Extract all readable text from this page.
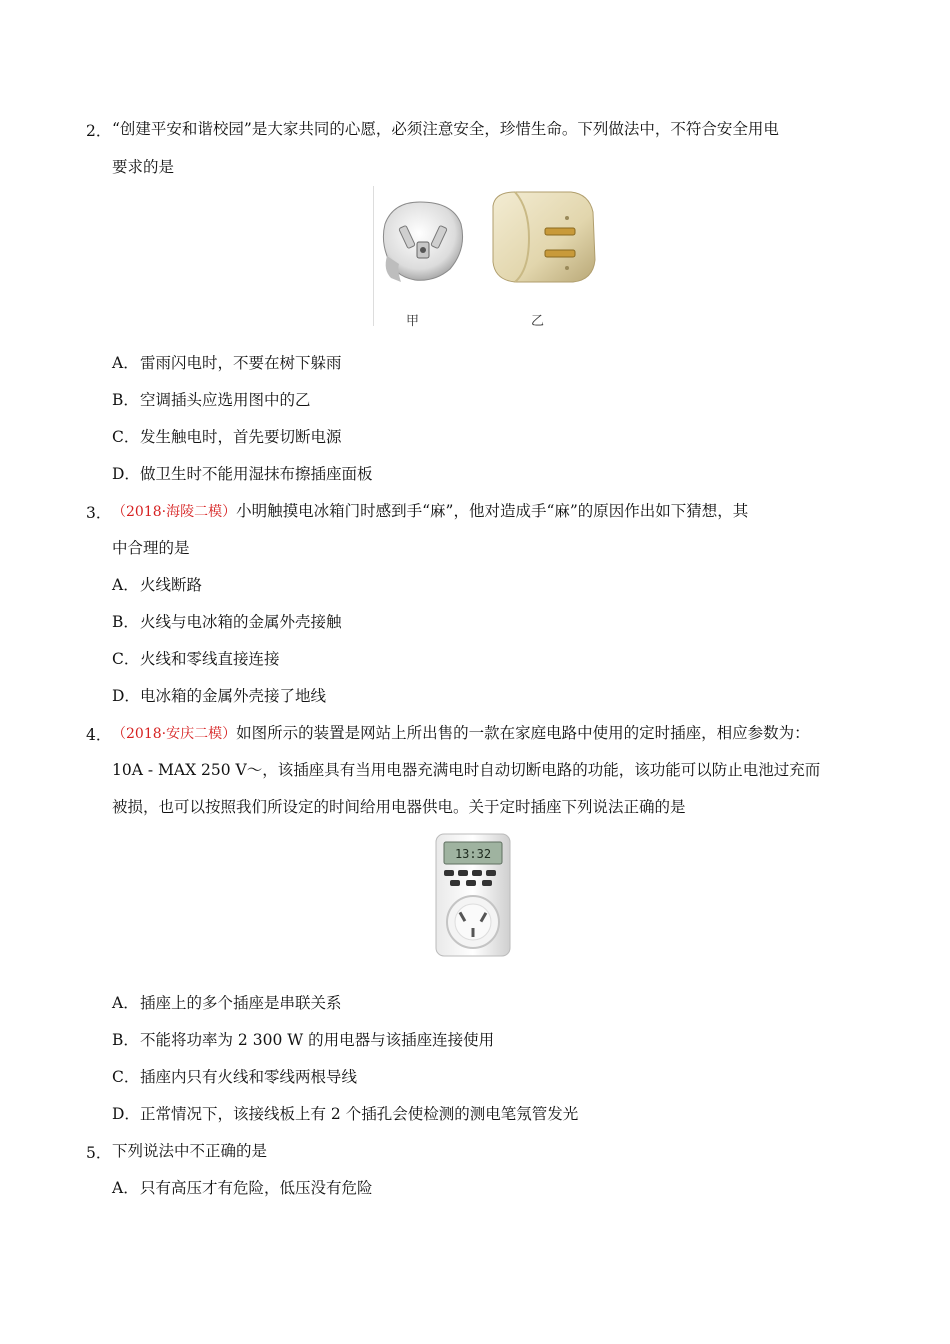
2． “创建平安和谐校园”是大家共同的心愿，必须注意安全，珍惜生命。下列做法中，不符合安全用电
要求的是
甲	乙
A．雷雨闪电时，不要在树下躲雨
B．空调插头应选用图中的乙
C．发生触电时，首先要切断电源
D．做卫生时不能用湿抹布擦插座面板
3． （2018·海陵二模）小明触摸电冰箱门时感到手“麻”，他对造成手“麻”的原因作出如下猜想，其
中合理的是
A．火线断路
B．火线与电冰箱的金属外壳接触
C．火线和零线直接连接
D．电冰箱的金属外壳接了地线
4． （2018·安庆二模）如图所示的装置是网站上所出售的一款在家庭电路中使用的定时插座，相应参数为：
10A - MAX 250 V～，该插座具有当用电器充满电时自动切断电路的功能，该功能可以防止电池过充而
被损，也可以按照我们所设定的时间给用电器供电。关于定时插座下列说法正确的是
13:32
A．插座上的多个插座是串联关系
B．不能将功率为 2 300 W 的用电器与该插座连接使用
C．插座内只有火线和零线两根导线
D．正常情况下，该接线板上有 2 个插孔会使检测的测电笔氖管发光
5． 下列说法中不正确的是
A．只有高压才有危险，低压没有危险
